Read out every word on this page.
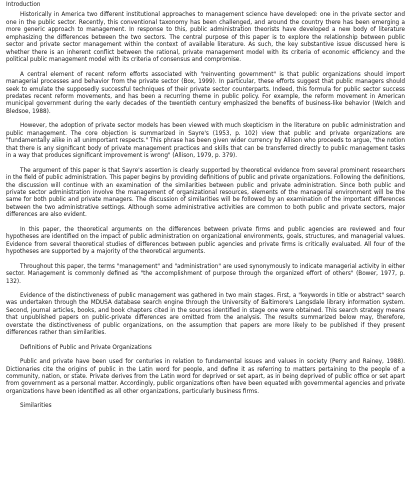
Introduction

Historically in America two different institutional approaches to management science have developed: one in the private sector and one in the public sector. Recently, this conventional taxonomy has been challenged, and around the country there has been emerging a more generic approach to management. In response to this, public administration theorists have developed a new body of literature emphasizing the differences between the two sectors. The central purpose of this paper is to explore the relationship between public sector and private sector management within the context of available literature. As such, the key substantive issue discussed here is whether there is an inherent conflict between the rational, private management model with its criteria of economic efficiency and the political public management model with its criteria of consensus and compromise.

A central element of recent reform efforts associated with "reinventing government" is that public organizations should import managerial processes and behavior from the private sector (Box, 1999). In particular, these efforts suggest that public managers should seek to emulate the supposedly successful techniques of their private sector counterparts. Indeed, this formula for public sector success predates recent reform movements, and has been a recurring theme in public policy. For example, the reform movement in American municipal government during the early decades of the twentieth century emphasized the benefits of business-like behavior (Welch and Bledsoe, 1988).

However, the adoption of private sector models has been viewed with much skepticism in the literature on public administration and public management. The core objection is summarized in Sayre's (1953, p. 102) view that public and private organizations are "fundamentally alike in all unimportant respects." This phrase has been given wider currency by Allison who proceeds to argue, "the notion that there is any significant body of private management practices and skills that can be transferred directly to public management tasks in a way that produces significant improvement is wrong" (Allison, 1979, p. 379).

The argument of this paper is that Sayre's assertion is clearly supported by theoretical evidence from several prominent researchers in the field of public administration. This paper begins by providing definitions of public and private organizations. Following the definitions, the discussion will continue with an examination of the similarities between public and private administration. Since both public and private sector administration involve the management of organizational resources, elements of the managerial environment will be the same for both public and private managers. The discussion of similarities will be followed by an examination of the important differences between the two administrative settings. Although some administrative activities are common to both public and private sectors, major differences are also evident.

In this paper, the theoretical arguments on the differences between private firms and public agencies are reviewed and four hypotheses are identified on the impact of public administration on organizational environments, goals, structures, and managerial values. Evidence from several theoretical studies of differences between public agencies and private firms is critically evaluated. All four of the hypotheses are supported by a majority of the theoretical arguments.

Throughout this paper, the terms "management" and "administration" are used synonymously to indicate managerial activity in either sector. Management is commonly defined as "the accomplishment of purpose through the organized effort of others" (Bower, 1977, p. 132).

Evidence of the distinctiveness of public management was gathered in two main stages. First, a "keywords in title or abstract" search was undertaken through the MDUSA database search engine through the University of Baltimore's Langsdale library information system. Second, journal articles, books, and book chapters cited in the sources identified in stage one were obtained. This search strategy means that unpublished papers on public-private differences are omitted from the analysis. The results summarized below may, therefore, overstate the distinctiveness of public organizations, on the assumption that papers are more likely to be published if they present differences rather than similarities.

Definitions of Public and Private Organizations

Public and private have been used for centuries in relation to fundamental issues and values in society (Perry and Rainey, 1988). Dictionaries cite the origins of public in the Latin word for people, and define it as referring to matters pertaining to the people of a community, nation, or state. Private derives from the Latin word for deprived or set apart, as in being deprived of public office or set apart from government as a personal matter. Accordingly, public organizations often have been equated with governmental agencies and private organizations have been identified as all other organizations, particularly business firms.

Similarities
